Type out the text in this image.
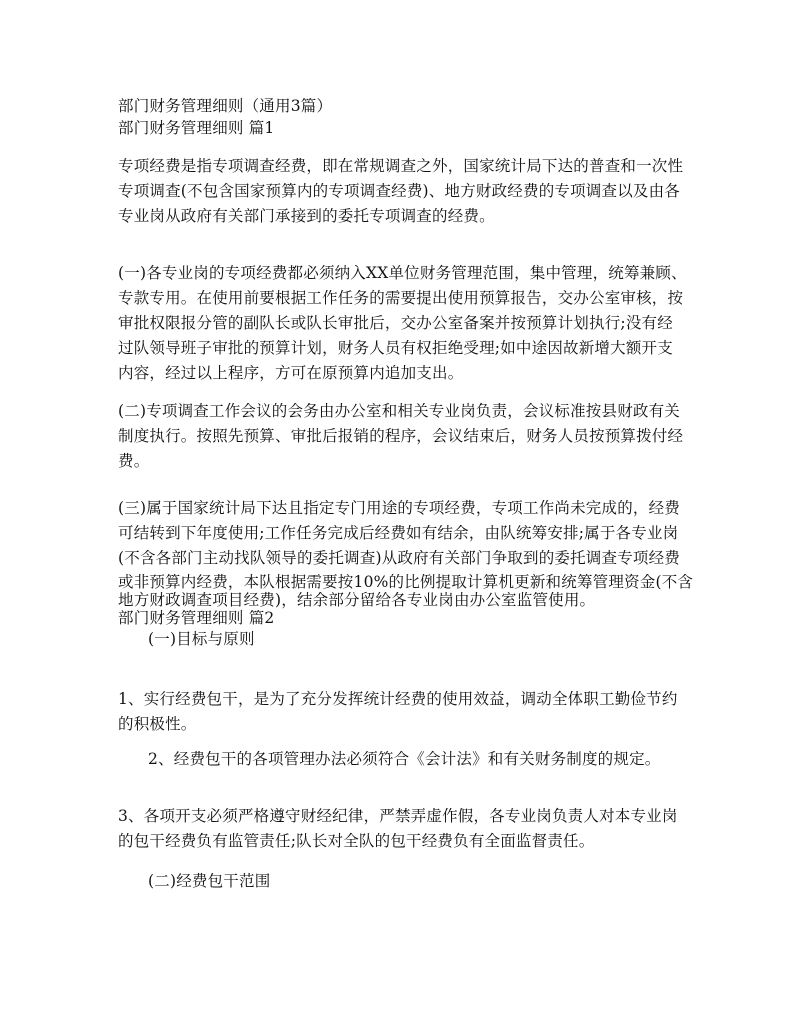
部门财务管理细则（通用3篇）
部门财务管理细则 篇1
专项经费是指专项调查经费，即在常规调查之外，国家统计局下达的普查和一次性
专项调查(不包含国家预算内的专项调查经费)、地方财政经费的专项调查以及由各
专业岗从政府有关部门承接到的委托专项调查的经费。
(一)各专业岗的专项经费都必须纳入XX单位财务管理范围，集中管理，统筹兼顾、
专款专用。在使用前要根据工作任务的需要提出使用预算报告，交办公室审核，按
审批权限报分管的副队长或队长审批后，交办公室备案并按预算计划执行;没有经
过队领导班子审批的预算计划，财务人员有权拒绝受理;如中途因故新增大额开支
内容，经过以上程序，方可在原预算内追加支出。
(二)专项调查工作会议的会务由办公室和相关专业岗负责，会议标准按县财政有关
制度执行。按照先预算、审批后报销的程序，会议结束后，财务人员按预算拨付经
费。
(三)属于国家统计局下达且指定专门用途的专项经费，专项工作尚未完成的，经费
可结转到下年度使用;工作任务完成后经费如有结余，由队统筹安排;属于各专业岗
(不含各部门主动找队领导的委托调查)从政府有关部门争取到的委托调查专项经费
或非预算内经费，本队根据需要按10%的比例提取计算机更新和统筹管理资金(不含
地方财政调查项目经费)，结余部分留给各专业岗由办公室监管使用。
部门财务管理细则 篇2
(一)目标与原则
1、实行经费包干，是为了充分发挥统计经费的使用效益，调动全体职工勤俭节约
的积极性。
2、经费包干的各项管理办法必须符合《会计法》和有关财务制度的规定。
3、各项开支必须严格遵守财经纪律，严禁弄虚作假，各专业岗负责人对本专业岗
的包干经费负有监管责任;队长对全队的包干经费负有全面监督责任。
(二)经费包干范围
